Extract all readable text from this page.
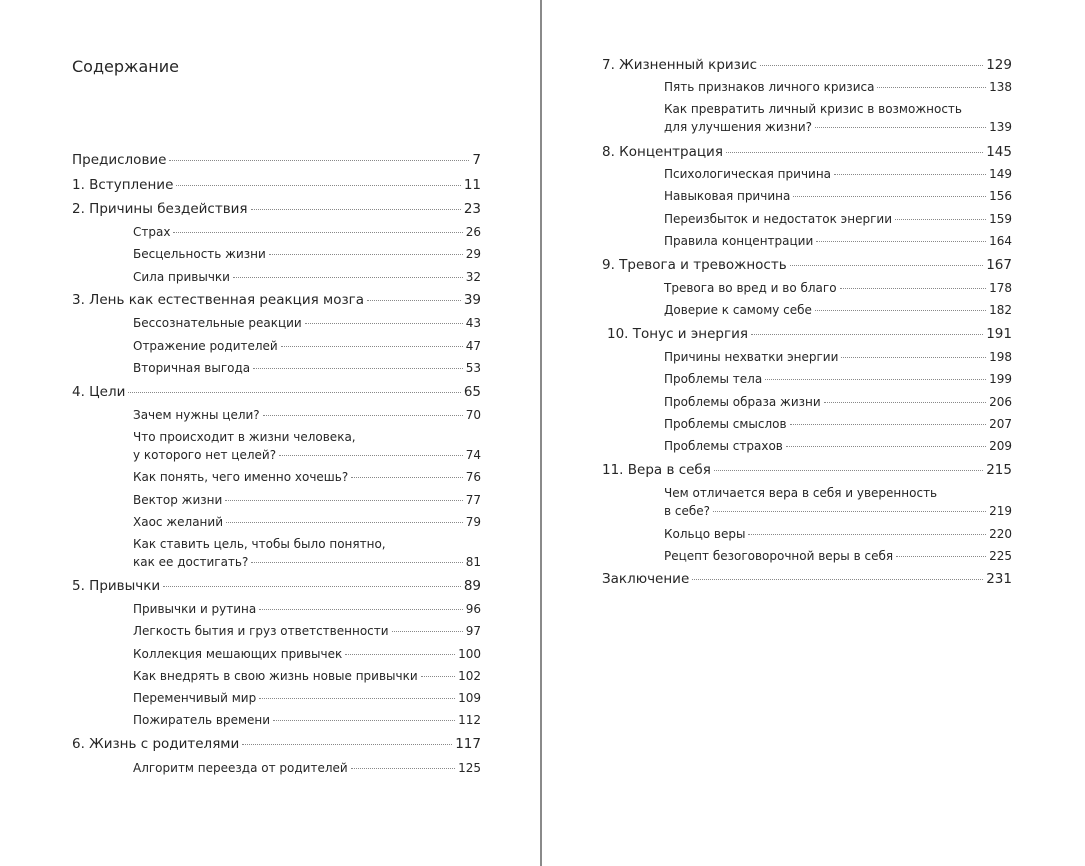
Содержание
Предисловие	7
1. Вступление	11
2. Причины бездействия	23
Страх	26
Бесцельность жизни	29
Сила привычки	32
3. Лень как естественная реакция мозга	39
Бессознательные реакции	43
Отражение родителей	47
Вторичная выгода	53
4. Цели	65
Зачем нужны цели?	70
Что происходит в жизни человека,
у которого нет целей?	74
Как понять, чего именно хочешь?	76
Вектор жизни	77
Хаос желаний	79
Как ставить цель, чтобы было понятно,
как ее достигать?	81
5. Привычки	89
Привычки и рутина	96
Легкость бытия и груз ответственности	97
Коллекция мешающих привычек	100
Как внедрять в свою жизнь новые привычки	102
Переменчивый мир	109
Пожиратель времени	112
6. Жизнь с родителями	117
Алгоритм переезда от родителей	125
7. Жизненный кризис	129
Пять признаков личного кризиса	138
Как превратить личный кризис в возможность
для улучшения жизни?	139
8. Концентрация	145
Психологическая причина	149
Навыковая причина	156
Переизбыток и недостаток энергии	159
Правила концентрации	164
9. Тревога и тревожность	167
Тревога во вред и во благо	178
Доверие к самому себе	182
10. Тонус и энергия	191
Причины нехватки энергии	198
Проблемы тела	199
Проблемы образа жизни	206
Проблемы смыслов	207
Проблемы страхов	209
11. Вера в себя	215
Чем отличается вера в себя и уверенность
в себе?	219
Кольцо веры	220
Рецепт безоговорочной веры в себя	225
Заключение	231
